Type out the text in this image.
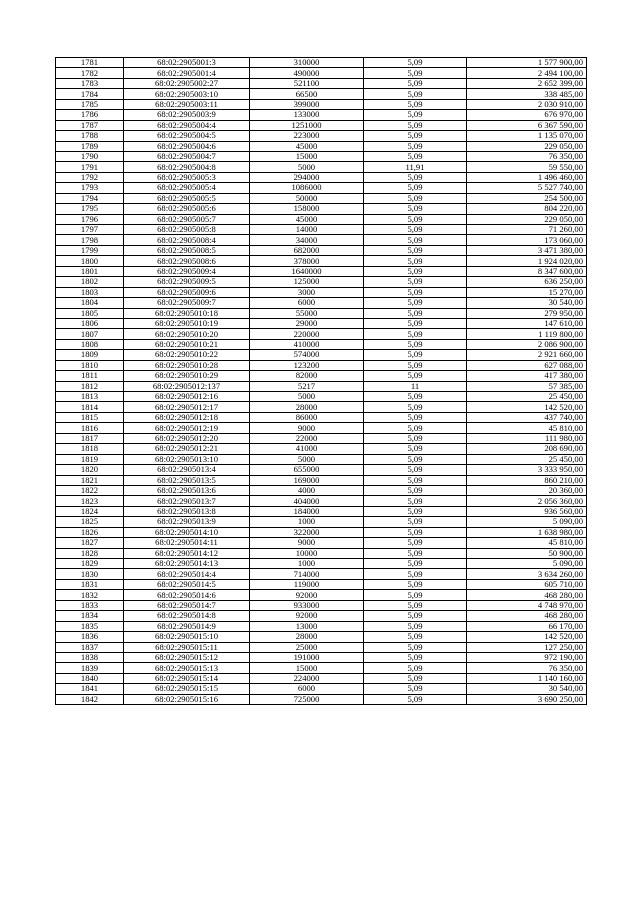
1781	68:02:2905001:3	310000	5,09	1 577 900,00
1782	68:02:2905001:4	490000	5,09	2 494 100,00
1783	68:02:2905002:27	521100	5,09	2 652 399,00
1784	68:02:2905003:10	66500	5,09	338 485,00
1785	68:02:2905003:11	399000	5,09	2 030 910,00
1786	68:02:2905003:9	133000	5,09	676 970,00
1787	68:02:2905004:4	1251000	5,09	6 367 590,00
1788	68:02:2905004:5	223000	5,09	1 135 070,00
1789	68:02:2905004:6	45000	5,09	229 050,00
1790	68:02:2905004:7	15000	5,09	76 350,00
1791	68:02:2905004:8	5000	11,91	59 550,00
1792	68:02:2905005:3	294000	5,09	1 496 460,00
1793	68:02:2905005:4	1086000	5,09	5 527 740,00
1794	68:02:2905005:5	50000	5,09	254 500,00
1795	68:02:2905005:6	158000	5,09	804 220,00
1796	68:02:2905005:7	45000	5,09	229 050,00
1797	68:02:2905005:8	14000	5,09	71 260,00
1798	68:02:2905008:4	34000	5,09	173 060,00
1799	68:02:2905008:5	682000	5,09	3 471 380,00
1800	68:02:2905008:6	378000	5,09	1 924 020,00
1801	68:02:2905009:4	1640000	5,09	8 347 600,00
1802	68:02:2905009:5	125000	5,09	636 250,00
1803	68:02:2905009:6	3000	5,09	15 270,00
1804	68:02:2905009:7	6000	5,09	30 540,00
1805	68:02:2905010:18	55000	5,09	279 950,00
1806	68:02:2905010:19	29000	5,09	147 610,00
1807	68:02:2905010:20	220000	5,09	1 119 800,00
1808	68:02:2905010:21	410000	5,09	2 086 900,00
1809	68:02:2905010:22	574000	5,09	2 921 660,00
1810	68:02:2905010:28	123200	5,09	627 088,00
1811	68:02:2905010:29	82000	5,09	417 380,00
1812	68:02:2905012:137	5217	11	57 385,00
1813	68:02:2905012:16	5000	5,09	25 450,00
1814	68:02:2905012:17	28000	5,09	142 520,00
1815	68:02:2905012:18	86000	5,09	437 740,00
1816	68:02:2905012:19	9000	5,09	45 810,00
1817	68:02:2905012:20	22000	5,09	111 980,00
1818	68:02:2905012:21	41000	5,09	208 690,00
1819	68:02:2905013:10	5000	5,09	25 450,00
1820	68:02:2905013:4	655000	5,09	3 333 950,00
1821	68:02:2905013:5	169000	5,09	860 210,00
1822	68:02:2905013:6	4000	5,09	20 360,00
1823	68:02:2905013:7	404000	5,09	2 056 360,00
1824	68:02:2905013:8	184000	5,09	936 560,00
1825	68:02:2905013:9	1000	5,09	5 090,00
1826	68:02:2905014:10	322000	5,09	1 638 980,00
1827	68:02:2905014:11	9000	5,09	45 810,00
1828	68:02:2905014:12	10000	5,09	50 900,00
1829	68:02:2905014:13	1000	5,09	5 090,00
1830	68:02:2905014:4	714000	5,09	3 634 260,00
1831	68:02:2905014:5	119000	5,09	605 710,00
1832	68:02:2905014:6	92000	5,09	468 280,00
1833	68:02:2905014:7	933000	5,09	4 748 970,00
1834	68:02:2905014:8	92000	5,09	468 280,00
1835	68:02:2905014:9	13000	5,09	66 170,00
1836	68:02:2905015:10	28000	5,09	142 520,00
1837	68:02:2905015:11	25000	5,09	127 250,00
1838	68:02:2905015:12	191000	5,09	972 190,00
1839	68:02:2905015:13	15000	5,09	76 350,00
1840	68:02:2905015:14	224000	5,09	1 140 160,00
1841	68:02:2905015:15	6000	5,09	30 540,00
1842	68:02:2905015:16	725000	5,09	3 690 250,00
